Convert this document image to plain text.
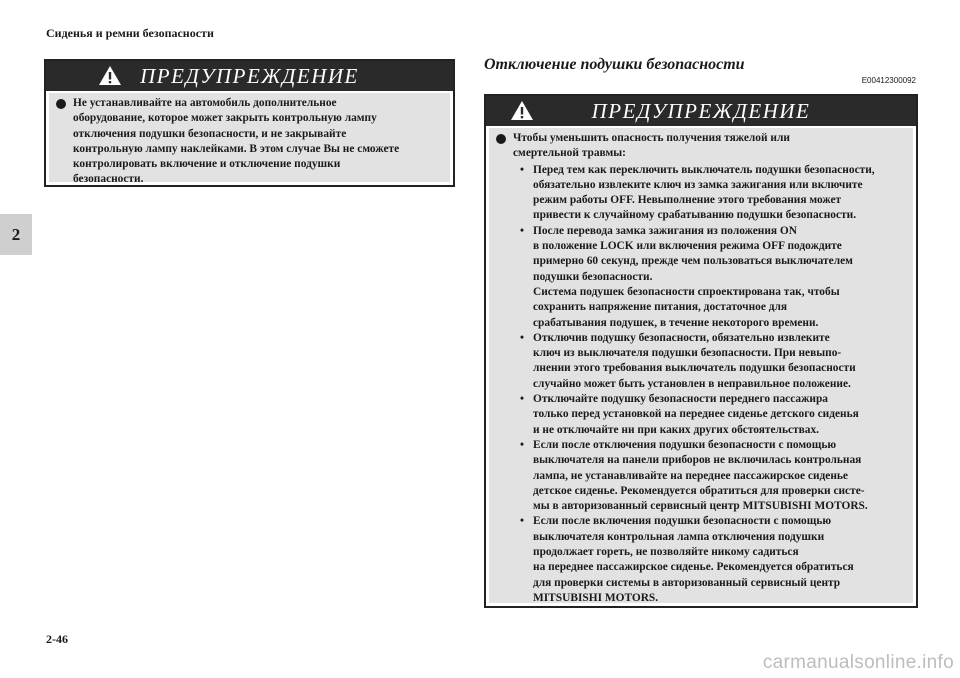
Сиденья и ремни безопасности
2
ПРЕДУПРЕЖДЕНИЕ
Не устанавливайте на автомобиль дополнительное
оборудование, которое может закрыть контрольную лампу
отключения подушки безопасности, и не закрывайте
контрольную лампу наклейками. В этом случае Вы не сможете
контролировать включение и отключение подушки
безопасности.
Отключение подушки безопасности
E00412300092
ПРЕДУПРЕЖДЕНИЕ
Чтобы уменьшить опасность получения тяжелой или
смертельной травмы:
• Перед тем как переключить выключатель подушки безопасности,
обязательно извлеките ключ из замка зажигания или включите
режим работы OFF. Невыполнение этого требования может
привести к случайному срабатыванию подушки безопасности.
• После перевода замка зажигания из положения ON
в положение LOCK или включения режима OFF подождите
примерно 60 секунд, прежде чем пользоваться выключателем
подушки безопасности.
Система подушек безопасности спроектирована так, чтобы
сохранить напряжение питания, достаточное для
срабатывания подушек, в течение некоторого времени.
• Отключив подушку безопасности, обязательно извлеките
ключ из выключателя подушки безопасности. При невыпо-
лнении этого требования выключатель подушки безопасности
случайно может быть установлен в неправильное положение.
• Отключайте подушку безопасности переднего пассажира
только перед установкой на переднее сиденье детского сиденья
и не отключайте ни при каких других обстоятельствах.
• Если после отключения подушки безопасности с помощью
выключателя на панели приборов не включилась контрольная
лампа, не устанавливайте на переднее пассажирское сиденье
детское сиденье. Рекомендуется обратиться для проверки систе-
мы в авторизованный сервисный центр MITSUBISHI MOTORS.
• Если после включения подушки безопасности с помощью
выключателя контрольная лампа отключения подушки
продолжает гореть, не позволяйте никому садиться
на переднее пассажирское сиденье. Рекомендуется обратиться
для проверки системы в авторизованный сервисный центр
MITSUBISHI MOTORS.
2-46
carmanualsonline.info
